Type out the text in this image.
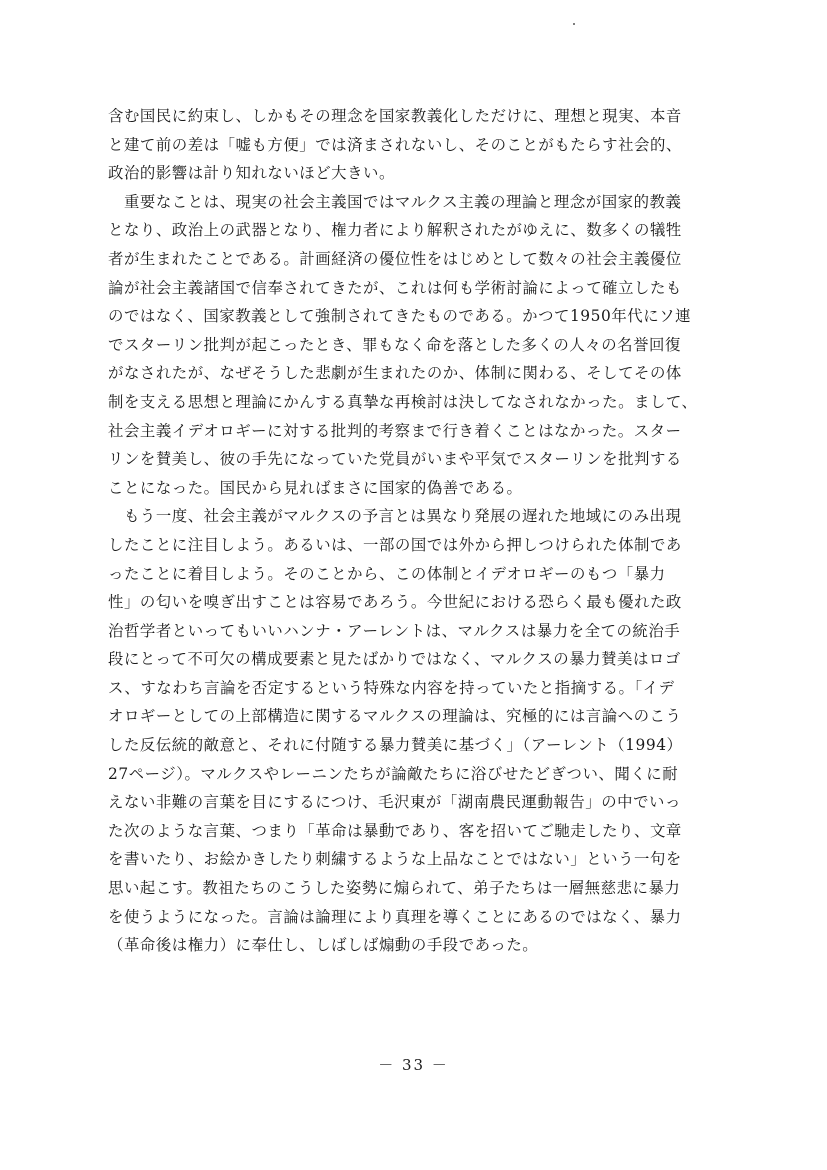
含む国民に約束し、しかもその理念を国家教義化しただけに、理想と現実、本音
と建て前の差は「嘘も方便」では済まされないし、そのことがもたらす社会的、
政治的影響は計り知れないほど大きい。
　重要なことは、現実の社会主義国ではマルクス主義の理論と理念が国家的教義
となり、政治上の武器となり、権力者により解釈されたがゆえに、数多くの犠牲
者が生まれたことである。計画経済の優位性をはじめとして数々の社会主義優位
論が社会主義諸国で信奉されてきたが、これは何も学術討論によって確立したも
のではなく、国家教義として強制されてきたものである。かつて1950年代にソ連
でスターリン批判が起こったとき、罪もなく命を落とした多くの人々の名誉回復
がなされたが、なぜそうした悲劇が生まれたのか、体制に関わる、そしてその体
制を支える思想と理論にかんする真摯な再検討は決してなされなかった。まして、
社会主義イデオロギーに対する批判的考察まで行き着くことはなかった。スター
リンを賛美し、彼の手先になっていた党員がいまや平気でスターリンを批判する
ことになった。国民から見ればまさに国家的偽善である。
　もう一度、社会主義がマルクスの予言とは異なり発展の遅れた地域にのみ出現
したことに注目しよう。あるいは、一部の国では外から押しつけられた体制であ
ったことに着目しよう。そのことから、この体制とイデオロギーのもつ「暴力
性」の匂いを嗅ぎ出すことは容易であろう。今世紀における恐らく最も優れた政
治哲学者といってもいいハンナ・アーレントは、マルクスは暴力を全ての統治手
段にとって不可欠の構成要素と見たばかりではなく、マルクスの暴力賛美はロゴ
ス、すなわち言論を否定するという特殊な内容を持っていたと指摘する。「イデ
オロギーとしての上部構造に関するマルクスの理論は、究極的には言論へのこう
した反伝統的敵意と、それに付随する暴力賛美に基づく」（アーレント（1994）
27ページ）。マルクスやレーニンたちが論敵たちに浴びせたどぎつい、聞くに耐
えない非難の言葉を目にするにつけ、毛沢東が「湖南農民運動報告」の中でいっ
た次のような言葉、つまり「革命は暴動であり、客を招いてご馳走したり、文章
を書いたり、お絵かきしたり刺繍するような上品なことではない」という一句を
思い起こす。教祖たちのこうした姿勢に煽られて、弟子たちは一層無慈悲に暴力
を使うようになった。言論は論理により真理を導くことにあるのではなく、暴力
（革命後は権力）に奉仕し、しばしば煽動の手段であった。
－ 33 －
